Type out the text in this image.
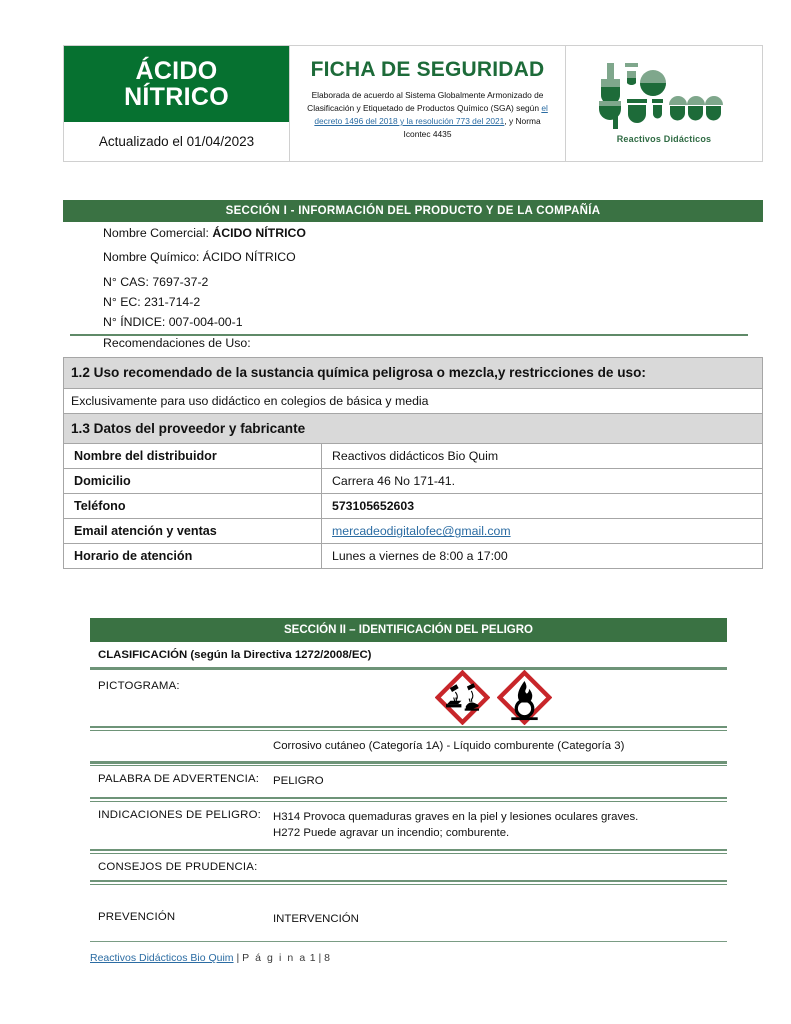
ÁCIDO
NÍTRICO
Actualizado el 01/04/2023
FICHA DE SEGURIDAD
Elaborada de acuerdo al Sistema Globalmente Armonizado de Clasificación y Etiquetado de Productos Químico (SGA) según el decreto 1496 del 2018 y la resolución 773 del 2021, y Norma Icontec 4435	Reactivos Didácticos
SECCIÓN I - INFORMACIÓN DEL PRODUCTO Y DE LA COMPAÑÍA
Nombre Comercial: ÁCIDO NÍTRICO
Nombre Químico: ÁCIDO NÍTRICO
N° CAS: 7697-37-2
N° EC: 231-714-2
N° ÍNDICE: 007-004-00-1
Recomendaciones de Uso:
1.2 Uso recomendado de la sustancia química peligrosa o mezcla,y restricciones de uso:	
Exclusivamente para uso didáctico en colegios de básica y media	
1.3 Datos del proveedor y fabricante	
Nombre del distribuidor	Reactivos didácticos Bio Quim
Domicilio	Carrera 46 No 171-41.
Teléfono	573105652603
Email atención y ventas	mercadeodigitalofec@gmail.com
Horario de atención	Lunes a viernes de 8:00 a 17:00
SECCIÓN II – IDENTIFICACIÓN DEL PELIGRO
CLASIFICACIÓN (según la Directiva 1272/2008/EC)
PICTOGRAMA:
Corrosivo cutáneo (Categoría 1A) - Líquido comburente (Categoría 3)
PALABRA DE ADVERTENCIA:	PELIGRO
INDICACIONES DE PELIGRO:	H314 Provoca quemaduras graves en la piel y lesiones oculares graves.
H272 Puede agravar un incendio; comburente.
CONSEJOS DE PRUDENCIA:
PREVENCIÓN	INTERVENCIÓN
Reactivos Didácticos Bio Quim | P á g i n a 1 | 8
